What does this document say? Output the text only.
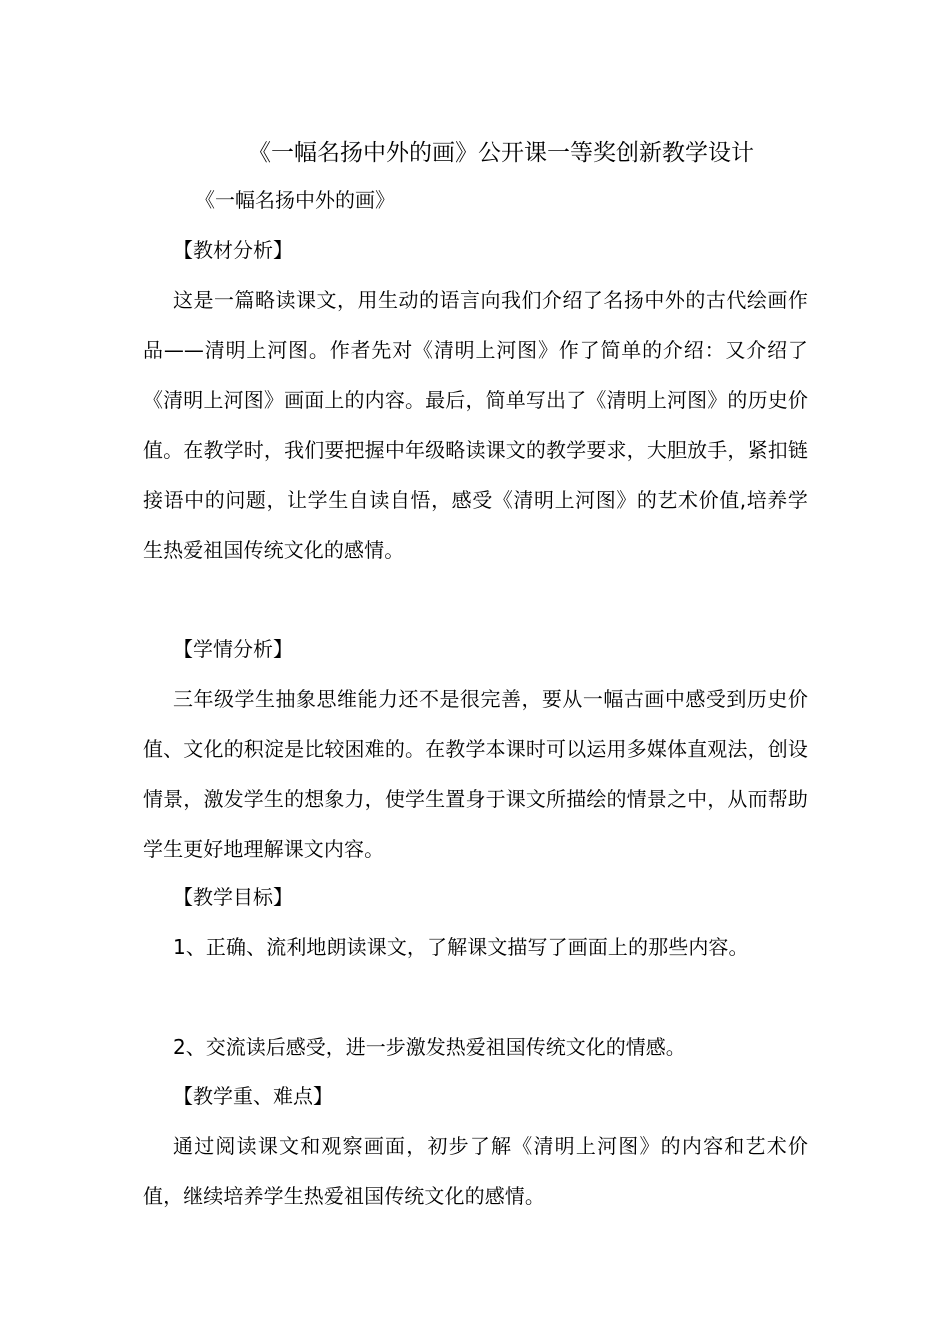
《一幅名扬中外的画》公开课一等奖创新教学设计
《一幅名扬中外的画》
【教材分析】
这是一篇略读课文，用生动的语言向我们介绍了名扬中外的古代绘画作品——清明上河图。作者先对《清明上河图》作了简单的介绍：又介绍了《清明上河图》画面上的内容。最后，简单写出了《清明上河图》的历史价值。在教学时，我们要把握中年级略读课文的教学要求，大胆放手，紧扣链接语中的问题，让学生自读自悟，感受《清明上河图》的艺术价值,培养学生热爱祖国传统文化的感情。
【学情分析】
三年级学生抽象思维能力还不是很完善，要从一幅古画中感受到历史价值、文化的积淀是比较困难的。在教学本课时可以运用多媒体直观法，创设情景，激发学生的想象力，使学生置身于课文所描绘的情景之中，从而帮助学生更好地理解课文内容。
【教学目标】
1、正确、流利地朗读课文，了解课文描写了画面上的那些内容。
2、交流读后感受，进一步激发热爱祖国传统文化的情感。
【教学重、难点】
通过阅读课文和观察画面，初步了解《清明上河图》的内容和艺术价值，继续培养学生热爱祖国传统文化的感情。
